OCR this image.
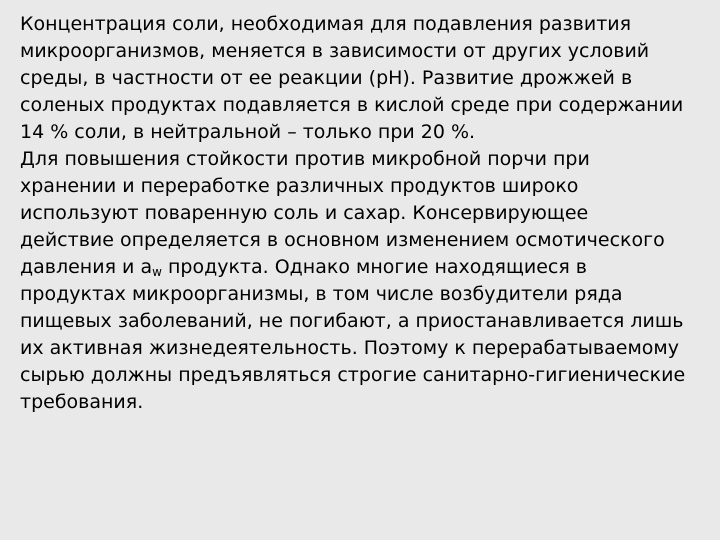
Концентрация соли, необходимая для подавления развития
микроорганизмов, меняется в зависимости от других условий
среды, в частности от ее реакции (рН). Развитие дрожжей в
соленых продуктах подавляется в кислой среде при содержании
14 % соли, в нейтральной – только при 20 %.
Для повышения стойкости против микробной порчи при
хранении и переработке различных продуктов широко
используют поваренную соль и сахар. Консервирующее
действие определяется в основном изменением осмотического
давления и $a_w$ продукта. Однако многие находящиеся в
продуктах микроорганизмы, в том числе возбудители ряда
пищевых заболеваний, не погибают, а приостанавливается лишь
их активная жизнедеятельность. Поэтому к перерабатываемому
сырью должны предъявляться строгие санитарно-гигиенические
требования.
